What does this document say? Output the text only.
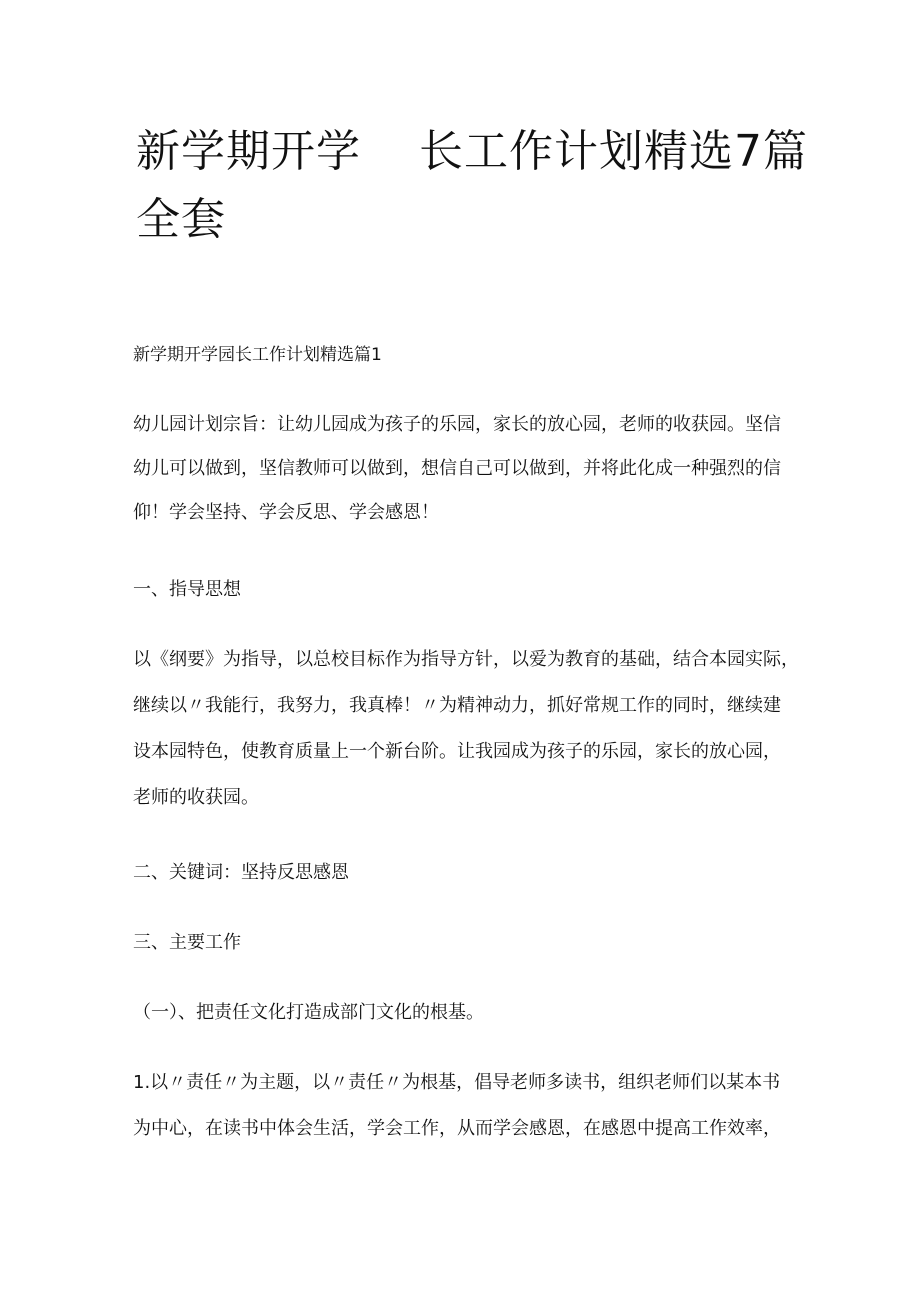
新学期开学 长工作计划精选7篇
全套
新学期开学园长工作计划精选篇1
幼儿园计划宗旨：让幼儿园成为孩子的乐园，家长的放心园，老师的收获园。坚信
幼儿可以做到，坚信教师可以做到，想信自己可以做到，并将此化成一种强烈的信
仰！学会坚持、学会反思、学会感恩！
一、指导思想
以《纲要》为指导，以总校目标作为指导方针，以爱为教育的基础，结合本园实际，
继续以〃我能行，我努力，我真棒！〃为精神动力，抓好常规工作的同时，继续建
设本园特色，使教育质量上一个新台阶。让我园成为孩子的乐园，家长的放心园，
老师的收获园。
二、关键词：坚持反思感恩
三、主要工作
（一）、把责任文化打造成部门文化的根基。
1.以〃责任〃为主题，以〃责任〃为根基，倡导老师多读书，组织老师们以某本书
为中心，在读书中体会生活，学会工作，从而学会感恩，在感恩中提高工作效率，
